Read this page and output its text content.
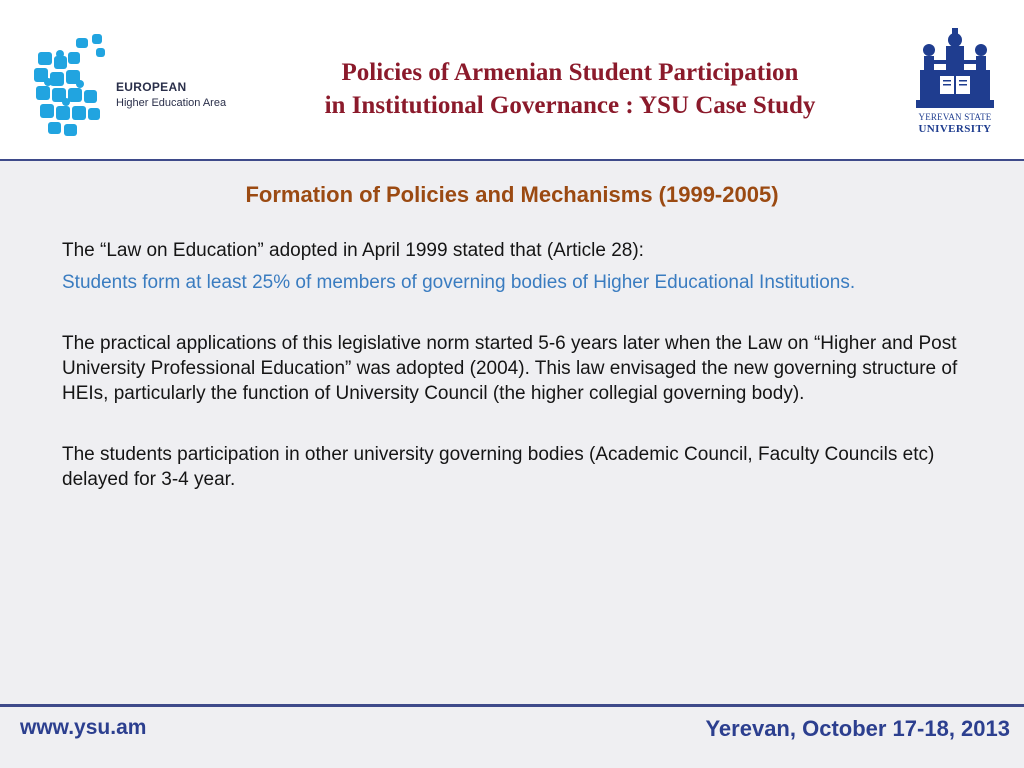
EUROPEAN
Higher Education Area
Policies of Armenian Student Participation
in Institutional Governance : YSU Case Study	YEREVAN STATE
UNIVERSITY
Formation of Policies and Mechanisms (1999-2005)

The “Law on Education” adopted in April 1999 stated that (Article 28):

Students form at least 25% of members of governing bodies of Higher Educational Institutions.

The practical applications of this legislative norm started 5-6 years later when the Law on “Higher and Post University Professional Education” was adopted (2004). This law envisaged the new governing structure of HEIs, particularly the function of University Council (the higher collegial governing body).

The students participation in other university governing bodies (Academic Council, Faculty Councils etc) delayed for 3-4 year.

www.ysu.am	Yerevan, October 17-18, 2013
